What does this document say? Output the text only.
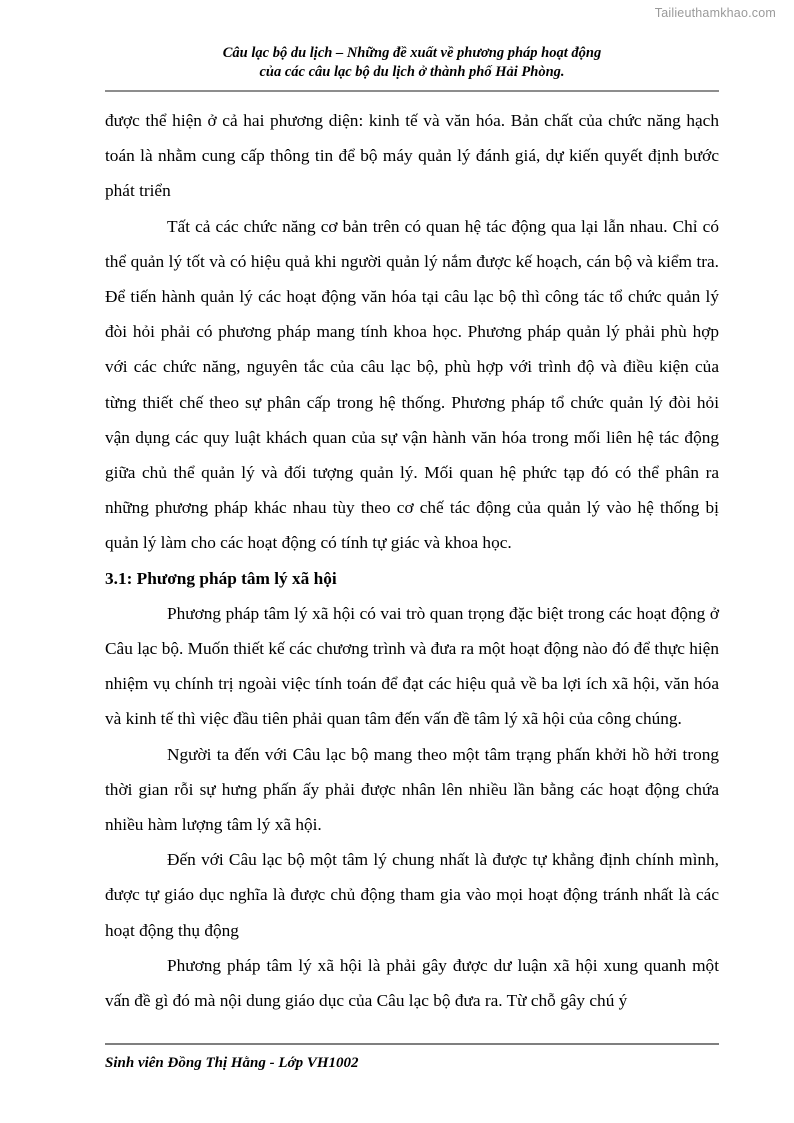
Tailieuthamkhao.com
Câu lạc bộ du lịch – Những đề xuất về phương pháp hoạt động
của các câu lạc bộ du lịch ở thành phố Hải Phòng.

được thể hiện ở cả hai phương diện: kinh tế và văn hóa. Bản chất của chức năng hạch toán là nhằm cung cấp thông tin để bộ máy quản lý đánh giá, dự kiến quyết định bước phát triển

Tất cả các chức năng cơ bản trên có quan hệ tác động qua lại lẫn nhau. Chỉ có thể quản lý tốt và có hiệu quả khi người quản lý nắm được kế hoạch, cán bộ và kiểm tra. Để tiến hành quản lý các hoạt động văn hóa tại câu lạc bộ thì công tác tổ chức quản lý đòi hỏi phải có phương pháp mang tính khoa học. Phương pháp quản lý phải phù hợp với các chức năng, nguyên tắc của câu lạc bộ, phù hợp với trình độ và điều kiện của từng thiết chế theo sự phân cấp trong hệ thống. Phương pháp tổ chức quản lý đòi hỏi vận dụng các quy luật khách quan của sự vận hành văn hóa trong mối liên hệ tác động giữa chủ thể quản lý và đối tượng quản lý. Mối quan hệ phức tạp đó có thể phân ra những phương pháp khác nhau tùy theo cơ chế tác động của quản lý vào hệ thống bị quản lý làm cho các hoạt động có tính tự giác và khoa học.

3.1: Phương pháp tâm lý xã hội

Phương pháp tâm lý xã hội có vai trò quan trọng đặc biệt trong các hoạt động ở Câu lạc bộ. Muốn thiết kế các chương trình và đưa ra một hoạt động nào đó để thực hiện nhiệm vụ chính trị ngoài việc tính toán để đạt các hiệu quả về ba lợi ích xã hội, văn hóa và kinh tế thì việc đầu tiên phải quan tâm đến vấn đề tâm lý xã hội của công chúng.

Người ta đến với Câu lạc bộ mang theo một tâm trạng phấn khởi hồ hởi trong thời gian rỗi sự hưng phấn ấy phải được nhân lên nhiều lần bằng các hoạt động chứa nhiều hàm lượng tâm lý xã hội.

Đến với Câu lạc bộ một tâm lý chung nhất là được tự khẳng định chính mình, được tự giáo dục nghĩa là được chủ động tham gia vào mọi hoạt động tránh nhất là các hoạt động thụ động

Phương pháp tâm lý xã hội là phải gây được dư luận xã hội xung quanh một vấn đề gì đó mà nội dung giáo dục của Câu lạc bộ đưa ra. Từ chỗ gây chú ý

Sinh viên Đồng Thị Hằng - Lớp VH1002
